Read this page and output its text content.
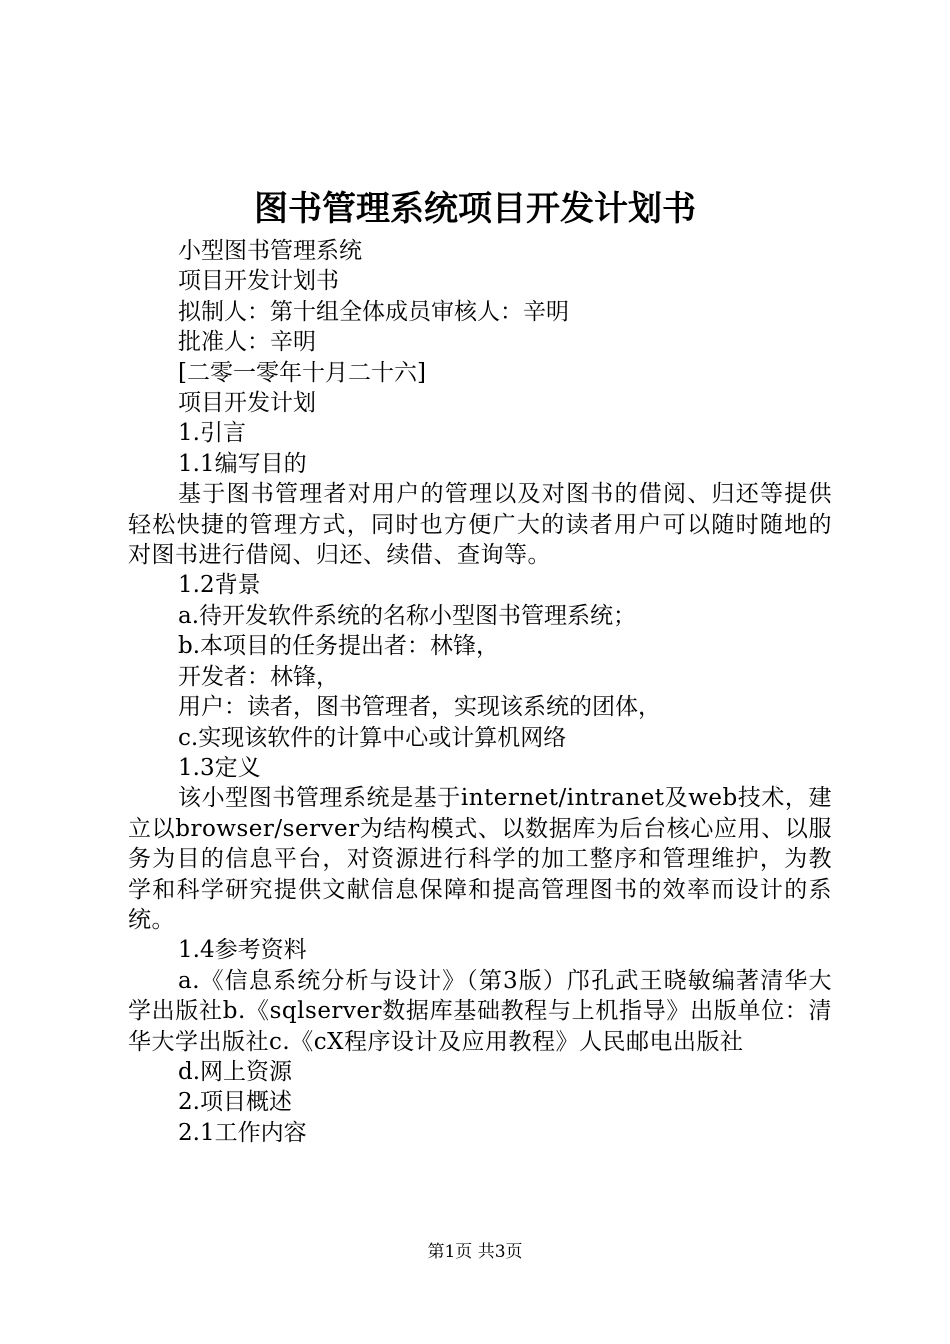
图书管理系统项目开发计划书

小型图书管理系统

项目开发计划书

拟制人：第十组全体成员审核人：辛明

批准人：辛明

[二零一零年十月二十六]

项目开发计划

1.引言

1.1编写目的

基于图书管理者对用户的管理以及对图书的借阅、归还等提供轻松快捷的管理方式，同时也方便广大的读者用户可以随时随地的对图书进行借阅、归还、续借、查询等。

1.2背景

a.待开发软件系统的名称小型图书管理系统；

b.本项目的任务提出者：林锋，

开发者：林锋，

用户：读者，图书管理者，实现该系统的团体，

c.实现该软件的计算中心或计算机网络

1.3定义

该小型图书管理系统是基于internet/intranet及web技术，建立以browser/server为结构模式、以数据库为后台核心应用、以服务为目的信息平台，对资源进行科学的加工整序和管理维护，为教学和科学研究提供文献信息保障和提高管理图书的效率而设计的系统。

1.4参考资料

a.《信息系统分析与设计》（第3版）邝孔武王晓敏编著清华大学出版社b.《sqlserver数据库基础教程与上机指导》出版单位：清华大学出版社c.《cX程序设计及应用教程》人民邮电出版社

d.网上资源

2.项目概述

2.1工作内容

第1页 共3页
